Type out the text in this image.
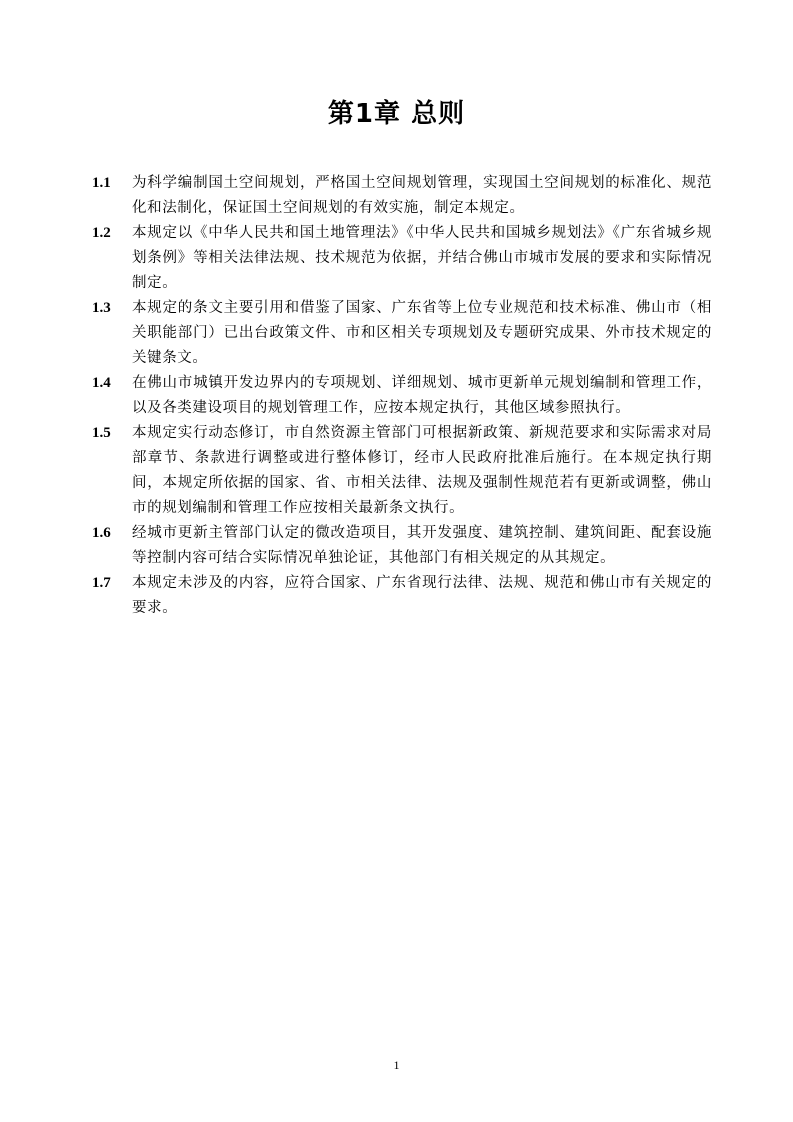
第1章 总则
1.1	为科学编制国土空间规划，严格国土空间规划管理，实现国土空间规划的标准化、规范化和法制化，保证国土空间规划的有效实施，制定本规定。
1.2	本规定以《中华人民共和国土地管理法》《中华人民共和国城乡规划法》《广东省城乡规划条例》等相关法律法规、技术规范为依据，并结合佛山市城市发展的要求和实际情况制定。
1.3	本规定的条文主要引用和借鉴了国家、广东省等上位专业规范和技术标准、佛山市（相关职能部门）已出台政策文件、市和区相关专项规划及专题研究成果、外市技术规定的关键条文。
1.4	在佛山市城镇开发边界内的专项规划、详细规划、城市更新单元规划编制和管理工作，以及各类建设项目的规划管理工作，应按本规定执行，其他区域参照执行。
1.5	本规定实行动态修订，市自然资源主管部门可根据新政策、新规范要求和实际需求对局部章节、条款进行调整或进行整体修订，经市人民政府批准后施行。在本规定执行期间，本规定所依据的国家、省、市相关法律、法规及强制性规范若有更新或调整，佛山市的规划编制和管理工作应按相关最新条文执行。
1.6	经城市更新主管部门认定的微改造项目，其开发强度、建筑控制、建筑间距、配套设施等控制内容可结合实际情况单独论证，其他部门有相关规定的从其规定。
1.7	本规定未涉及的内容，应符合国家、广东省现行法律、法规、规范和佛山市有关规定的要求。
1
